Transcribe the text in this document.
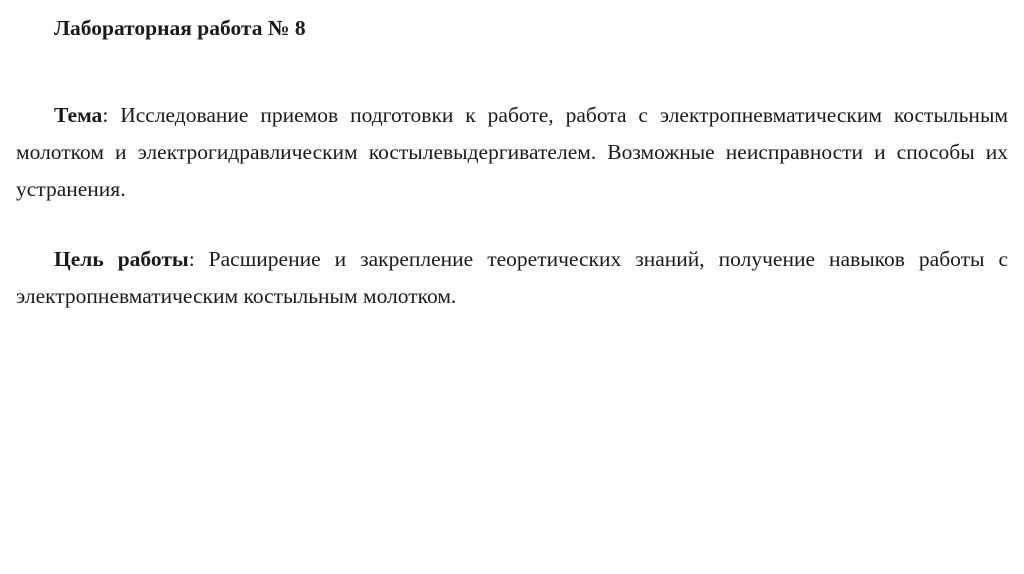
Лабораторная работа № 8

Тема: Исследование приемов подготовки к работе, работа с электропневматическим костыльным молотком и электрогидравлическим костылевыдергивателем. Возможные неисправности и способы их устранения.

Цель работы: Расширение и закрепление теоретических знаний, получение навыков работы с электропневматическим костыльным молотком.
